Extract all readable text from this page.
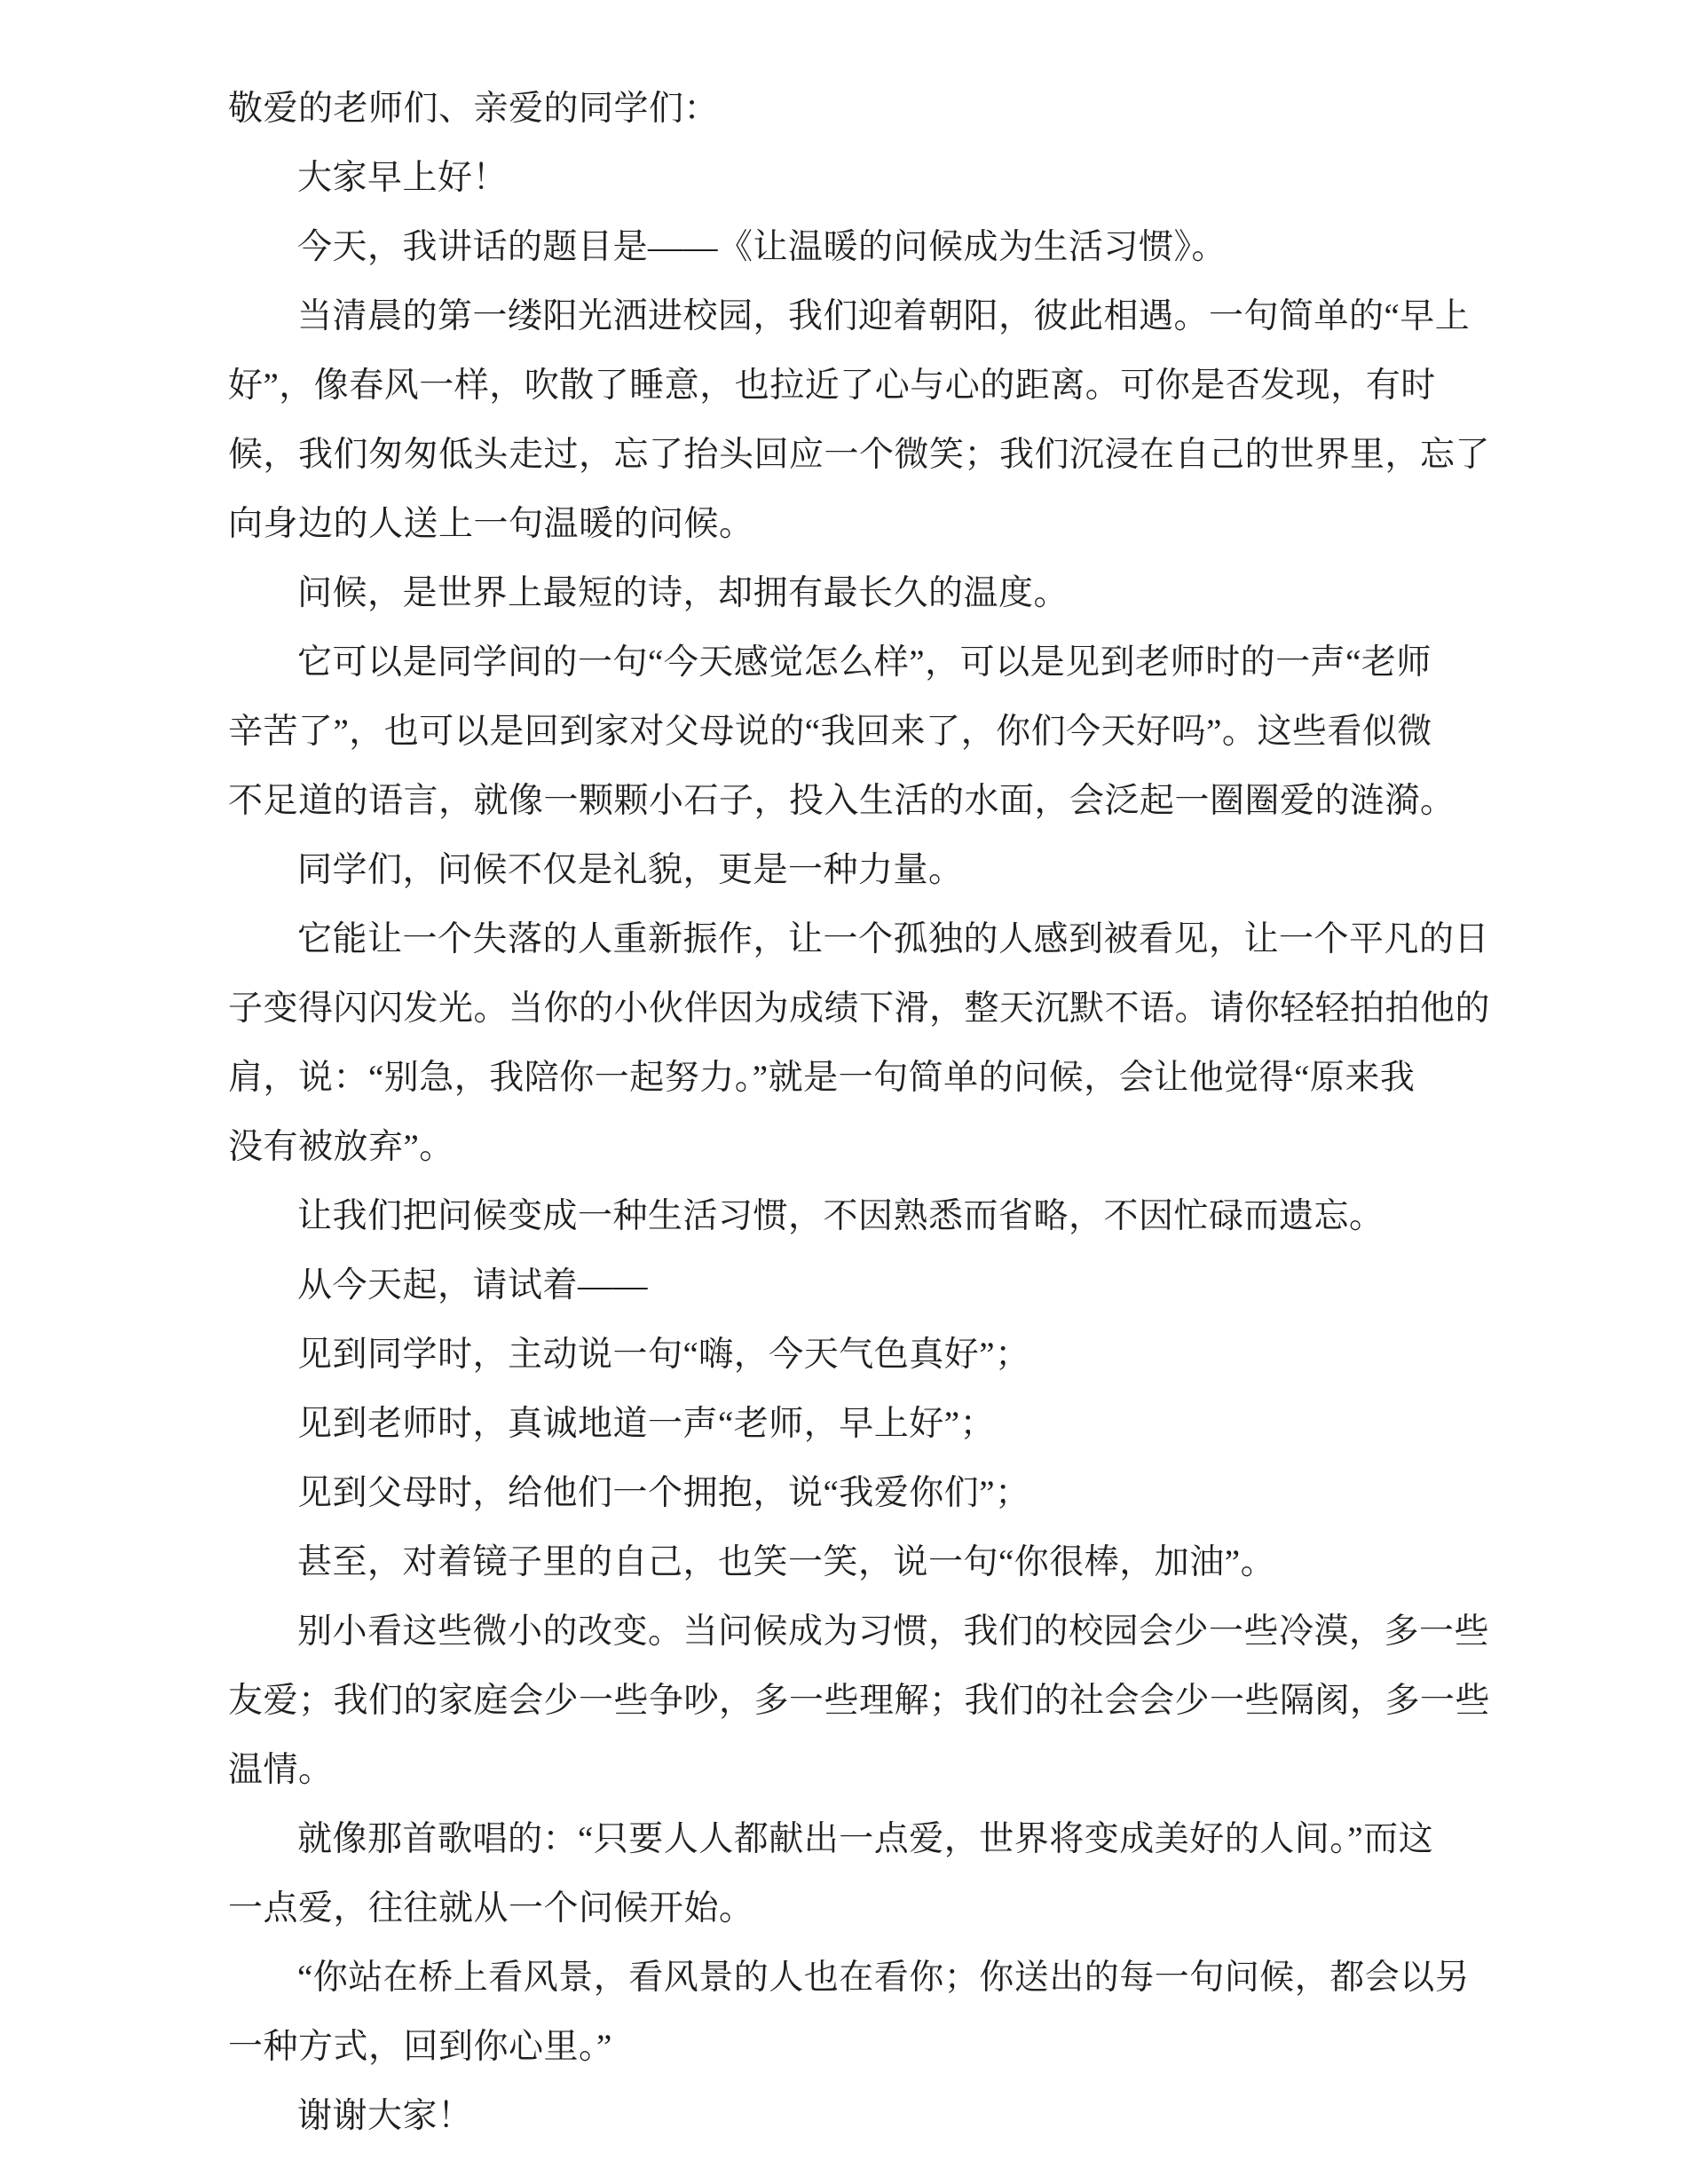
敬爱的老师们、亲爱的同学们：
大家早上好！
今天，我讲话的题目是——《让温暖的问候成为生活习惯》。
当清晨的第一缕阳光洒进校园，我们迎着朝阳，彼此相遇。一句简单的“早上
好”，像春风一样，吹散了睡意，也拉近了心与心的距离。可你是否发现，有时
候，我们匆匆低头走过，忘了抬头回应一个微笑；我们沉浸在自己的世界里，忘了
向身边的人送上一句温暖的问候。
问候，是世界上最短的诗，却拥有最长久的温度。
它可以是同学间的一句“今天感觉怎么样”，可以是见到老师时的一声“老师
辛苦了”，也可以是回到家对父母说的“我回来了，你们今天好吗”。这些看似微
不足道的语言，就像一颗颗小石子，投入生活的水面，会泛起一圈圈爱的涟漪。
同学们，问候不仅是礼貌，更是一种力量。
它能让一个失落的人重新振作，让一个孤独的人感到被看见，让一个平凡的日
子变得闪闪发光。当你的小伙伴因为成绩下滑，整天沉默不语。请你轻轻拍拍他的
肩，说：“别急，我陪你一起努力。”就是一句简单的问候，会让他觉得“原来我
没有被放弃”。
让我们把问候变成一种生活习惯，不因熟悉而省略，不因忙碌而遗忘。
从今天起，请试着——
见到同学时，主动说一句“嗨，今天气色真好”；
见到老师时，真诚地道一声“老师，早上好”；
见到父母时，给他们一个拥抱，说“我爱你们”；
甚至，对着镜子里的自己，也笑一笑，说一句“你很棒，加油”。
别小看这些微小的改变。当问候成为习惯，我们的校园会少一些冷漠，多一些
友爱；我们的家庭会少一些争吵，多一些理解；我们的社会会少一些隔阂，多一些
温情。
就像那首歌唱的：“只要人人都献出一点爱，世界将变成美好的人间。”而这
一点爱，往往就从一个问候开始。
“你站在桥上看风景，看风景的人也在看你；你送出的每一句问候，都会以另
一种方式，回到你心里。”
谢谢大家！
